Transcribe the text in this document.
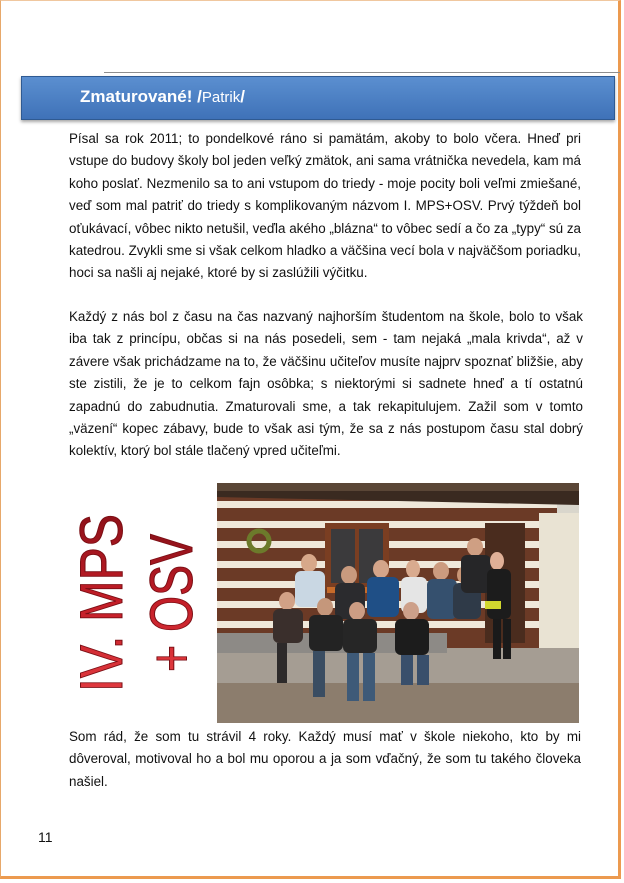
Zmaturované! /Patrik/

Písal sa rok 2011; to pondelkové ráno si pamätám, akoby to bolo včera. Hneď pri vstupe do budovy školy bol jeden veľký zmätok, ani sama vrátnička nevedela, kam má koho poslať. Nezmenilo sa to ani vstupom do triedy - moje pocity boli veľmi zmiešané, veď som mal patriť do triedy s komplikovaným názvom I. MPS+OSV. Prvý týždeň bol oťukávací, vôbec nikto netušil, veďla akého „blázna“ to vôbec sedí a čo za „typy“ sú za katedrou. Zvykli sme si však celkom hladko a väčšina vecí bola v najväčšom poriadku, hoci sa našli aj nejaké, ktoré by si zaslúžili výčitku.

Každý z nás bol z času na čas nazvaný najhorším študentom na škole, bolo to však iba tak z princípu, občas si na nás posedeli, sem - tam nejaká „mala krivda“, až v závere však prichádzame na to, že väčšinu učiteľov musíte najprv spoznať bližšie, aby ste zistili, že je to celkom fajn osôbka; s niektorými si sadnete hneď a tí ostatnú zapadnú do zabudnutia. Zmaturovali sme, a tak rekapitulujem. Zažil som v tomto „väzení“ kopec zábavy, bude to však asi tým, že sa z nás postupom času stal dobrý kolektív, ktorý bol stále tlačený vpred učiteľmi.

IV. MPS + OSV

Som rád, že som tu strávil 4 roky. Každý musí mať v škole niekoho, kto by mi dôveroval, motivoval ho a bol mu oporou a ja som vďačný, že som tu takého človeka našiel.

11
